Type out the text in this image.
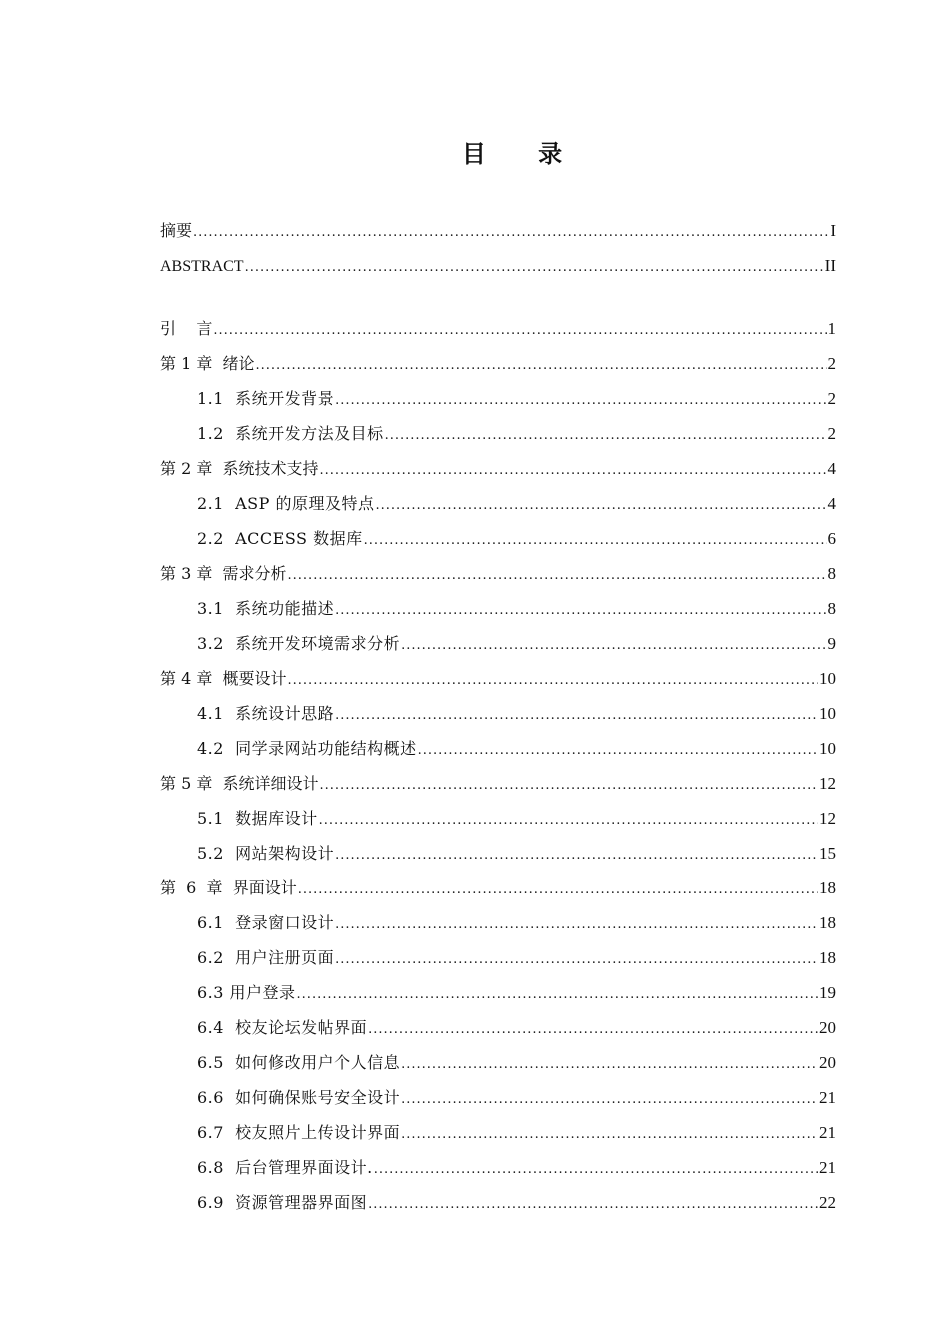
目 录
摘要 .....	I
ABSTRACT .....	II
引    言 .....	1
第 1 章  绪论 .....	2
1.1  系统开发背景 .....	2
1.2  系统开发方法及目标 .....	2
第 2 章  系统技术支持 .....	4
2.1  ASP 的原理及特点 .....	4
2.2  ACCESS 数据库 .....	6
第 3 章  需求分析 .....	8
3.1  系统功能描述 .....	8
3.2  系统开发环境需求分析 .....	9
第 4 章  概要设计 .....	10
4.1  系统设计思路 .....	10
4.2  同学录网站功能结构概述 .....	10
第 5 章  系统详细设计 .....	12
5.1  数据库设计 .....	12
5.2  网站架构设计 .....	15
第  6  章  界面设计 .....	18
6.1  登录窗口设计 .....	18
6.2  用户注册页面 .....	18
6.3 用户登录 .....	19
6.4  校友论坛发帖界面 .....	20
6.5  如何修改用户个人信息 .....	20
6.6  如何确保账号安全设计 .....	21
6.7  校友照片上传设计界面 .....	21
6.8  后台管理界面设计. .....	21
6.9  资源管理器界面图 .....	22
